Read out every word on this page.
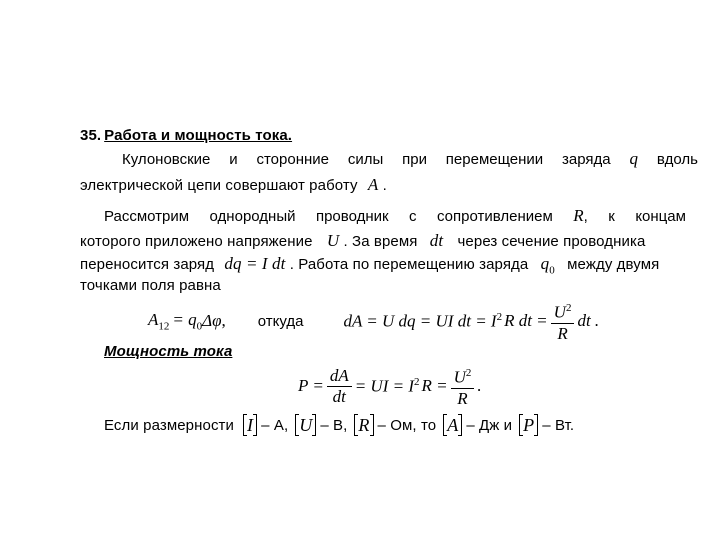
35. Работа и мощность тока.
Кулоновские и сторонние силы при перемещении заряда q вдоль
электрической цепи совершают работу A .
Рассмотрим однородный проводник с сопротивлением R , к концам
которого приложено напряжение U . За время dt через сечение проводника
переносится заряд dq = I dt . Работа по перемещению заряда $q_0$ между двумя
точками поля равна
$A_{12} = q_0$ Δφ , откуда dA = U dq = UI dt = $I^2$ R dt = $\frac{U^2}{R}$ dt .
Мощность тока
$P = \frac{dA}{dt}$ = UI = $I^2$ $R = \frac{U^2}{R}$ .
Если размерности I – А, U – В, R – Ом, то A – Дж и P – Вт.
